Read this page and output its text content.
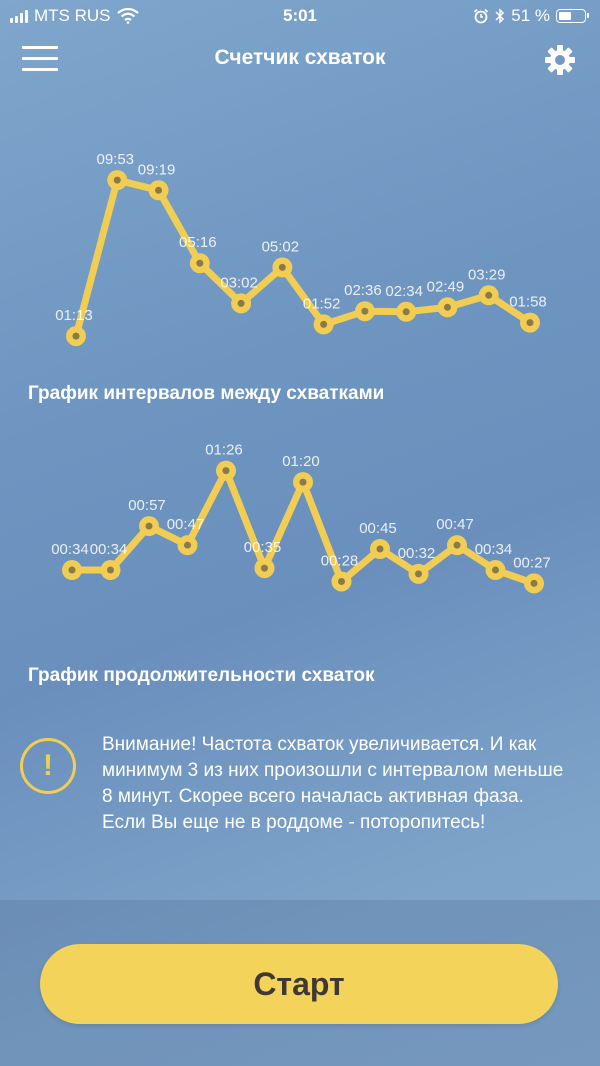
MTS RUS	5:01	51 %
Счетчик схваток
01:13
09:53
09:19
05:16
03:02
05:02
01:52
02:36 02:34 02:49
03:29
01:58
График интервалов между схватками
00:34 00:34
00:57
00:47
01:26
00:35
01:20
00:28
00:45
00:32
00:47
00:34
00:27
График продолжительности схваток
!
Внимание! Частота схваток увеличивается. И как минимум 3 из них произошли с интервалом меньше 8 минут. Скорее всего началась активная фаза. Если Вы еще не в роддоме - поторопитесь!
Старт
